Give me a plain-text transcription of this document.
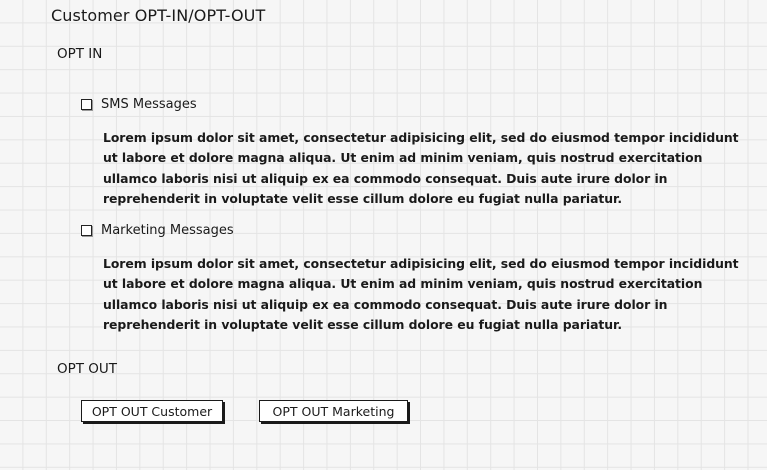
Customer OPT-IN/OPT-OUT
OPT IN
SMS Messages
Lorem ipsum dolor sit amet, consectetur adipisicing elit, sed do eiusmod tempor incididunt ut labore et dolore magna aliqua. Ut enim ad minim veniam, quis nostrud exercitation ullamco laboris nisi ut aliquip ex ea commodo consequat. Duis aute irure dolor in reprehenderit in voluptate velit esse cillum dolore eu fugiat nulla pariatur.
Marketing Messages
Lorem ipsum dolor sit amet, consectetur adipisicing elit, sed do eiusmod tempor incididunt ut labore et dolore magna aliqua. Ut enim ad minim veniam, quis nostrud exercitation ullamco laboris nisi ut aliquip ex ea commodo consequat. Duis aute irure dolor in reprehenderit in voluptate velit esse cillum dolore eu fugiat nulla pariatur.
OPT OUT
OPT OUT Customer	OPT OUT Marketing
